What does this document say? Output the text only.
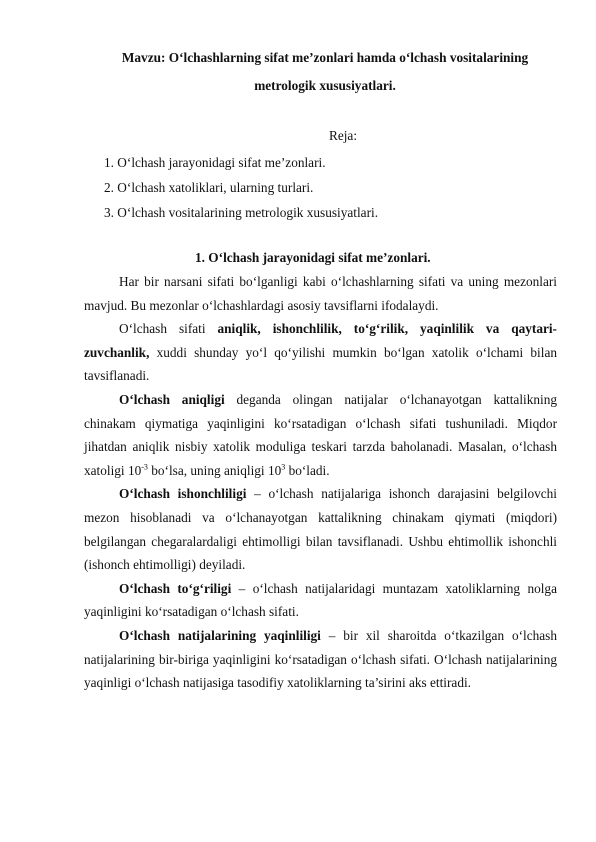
Mavzu: O‘lchashlarning sifat me’zonlari hamda o‘lchash vositalarining metrologik xususiyatlari.
Reja:
1. O‘lchash jarayonidagi sifat me’zonlari.
2. O‘lchash xatoliklari, ularning turlari.
3. O‘lchash vositalarining metrologik xususiyatlari.
1. O‘lchash jarayonidagi sifat me’zonlari.

Har bir narsani sifati bo‘lganligi kabi o‘lchashlarning sifati va uning mezonlari mavjud. Bu mezonlar o‘lchashlardagi asosiy tavsiflarni ifodalaydi.

O‘lchash sifati aniqlik, ishonchlilik, to‘g‘rilik, yaqinlilik va qaytari-zuvchanlik, xuddi shunday yo‘l qo‘yilishi mumkin bo‘lgan xatolik o‘lchami bilan tavsiflanadi.

O‘lchash aniqligi deganda olingan natijalar o‘lchanayotgan kattalikning chinakam qiymatiga yaqinligini ko‘rsatadigan o‘lchash sifati tushuniladi. Miqdor jihatdan aniqlik nisbiy xatolik moduliga teskari tarzda baholanadi. Masalan, o‘lchash xatoligi $10^{-3}$ bo‘lsa, uning aniqligi $10^3$ bo‘ladi.

O‘lchash ishonchliligi – o‘lchash natijalariga ishonch darajasini belgilovchi mezon hisoblanadi va o‘lchanayotgan kattalikning chinakam qiymati (miqdori) belgilangan chegaralardaligi ehtimolligi bilan tavsiflanadi. Ushbu ehtimollik ishonchli (ishonch ehtimolligi) deyiladi.

O‘lchash to‘g‘riligi – o‘lchash natijalaridagi muntazam xatoliklarning nolga yaqinligini ko‘rsatadigan o‘lchash sifati.

O‘lchash natijalarining yaqinliligi – bir xil sharoitda o‘tkazilgan o‘lchash natijalarining bir-biriga yaqinligini ko‘rsatadigan o‘lchash sifati. O‘lchash natijalarining yaqinligi o‘lchash natijasiga tasodifiy xatoliklarning ta’sirini aks ettiradi.
